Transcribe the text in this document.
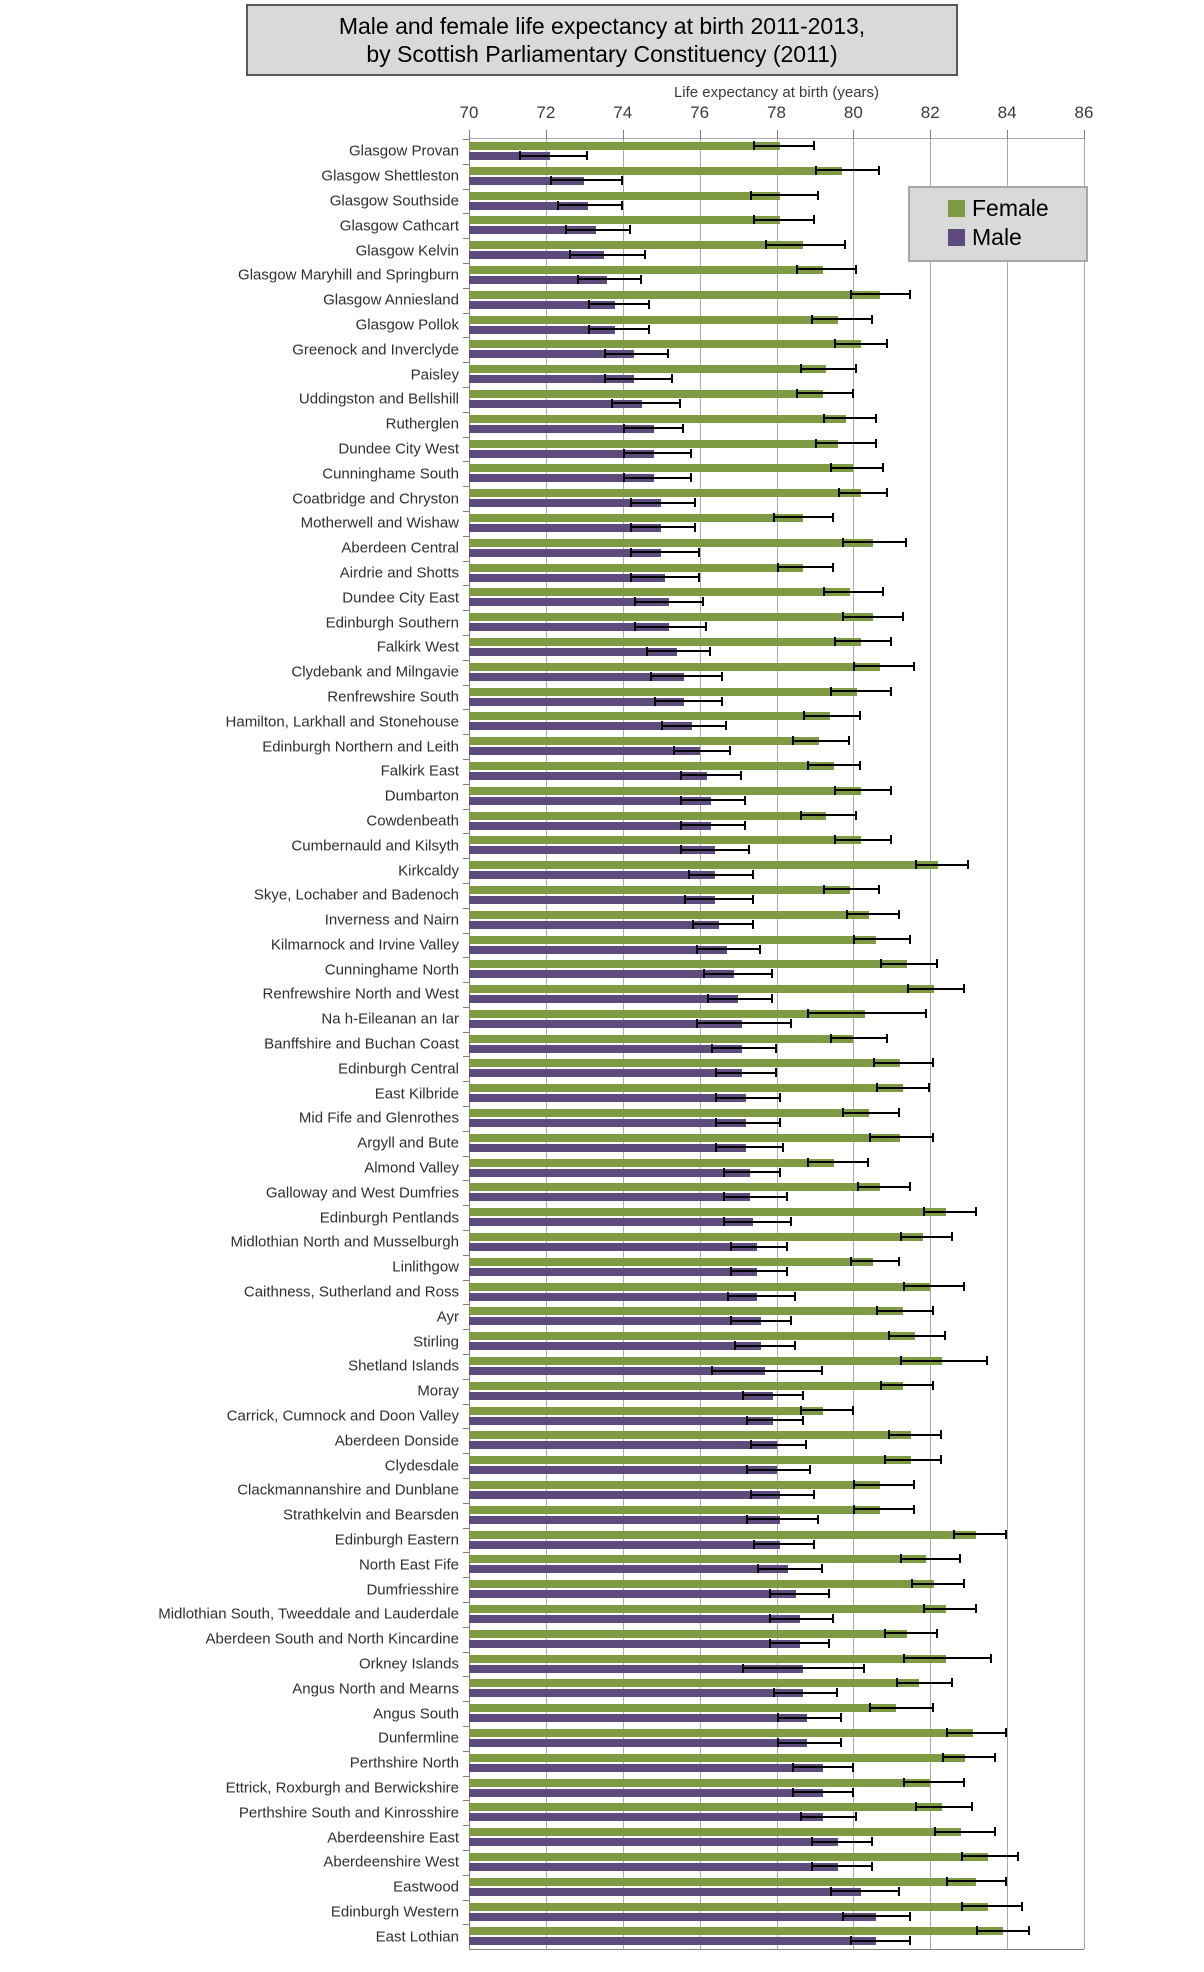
Male and female life expectancy at birth 2011-2013,
by Scottish Parliamentary Constituency (2011)
Life expectancy at birth (years)
70	72	74	76	78	80	82	84	86
Glasgow Provan
Glasgow Shettleston
Glasgow Southside
Glasgow Cathcart
Glasgow Kelvin
Glasgow Maryhill and Springburn
Glasgow Anniesland
Glasgow Pollok
Greenock and Inverclyde
Paisley
Uddingston and Bellshill
Rutherglen
Dundee City West
Cunninghame South
Coatbridge and Chryston
Motherwell and Wishaw
Aberdeen Central
Airdrie and Shotts
Dundee City East
Edinburgh Southern
Falkirk West
Clydebank and Milngavie
Renfrewshire South
Hamilton, Larkhall and Stonehouse
Edinburgh Northern and Leith
Falkirk East
Dumbarton
Cowdenbeath
Cumbernauld and Kilsyth
Kirkcaldy
Skye, Lochaber and Badenoch
Inverness and Nairn
Kilmarnock and Irvine Valley
Cunninghame North
Renfrewshire North and West
Na h-Eileanan an Iar
Banffshire and Buchan Coast
Edinburgh Central
East Kilbride
Mid Fife and Glenrothes
Argyll and Bute
Almond Valley
Galloway and West Dumfries
Edinburgh Pentlands
Midlothian North and Musselburgh
Linlithgow
Caithness, Sutherland and Ross
Ayr
Stirling
Shetland Islands
Moray
Carrick, Cumnock and Doon Valley
Aberdeen Donside
Clydesdale
Clackmannanshire and Dunblane
Strathkelvin and Bearsden
Edinburgh Eastern
North East Fife
Dumfriesshire
Midlothian South, Tweeddale and Lauderdale
Aberdeen South and North Kincardine
Orkney Islands
Angus North and Mearns
Angus South
Dunfermline
Perthshire North
Ettrick, Roxburgh and Berwickshire
Perthshire South and Kinrosshire
Aberdeenshire East
Aberdeenshire West
Eastwood
Edinburgh Western
East Lothian
Female
Male
